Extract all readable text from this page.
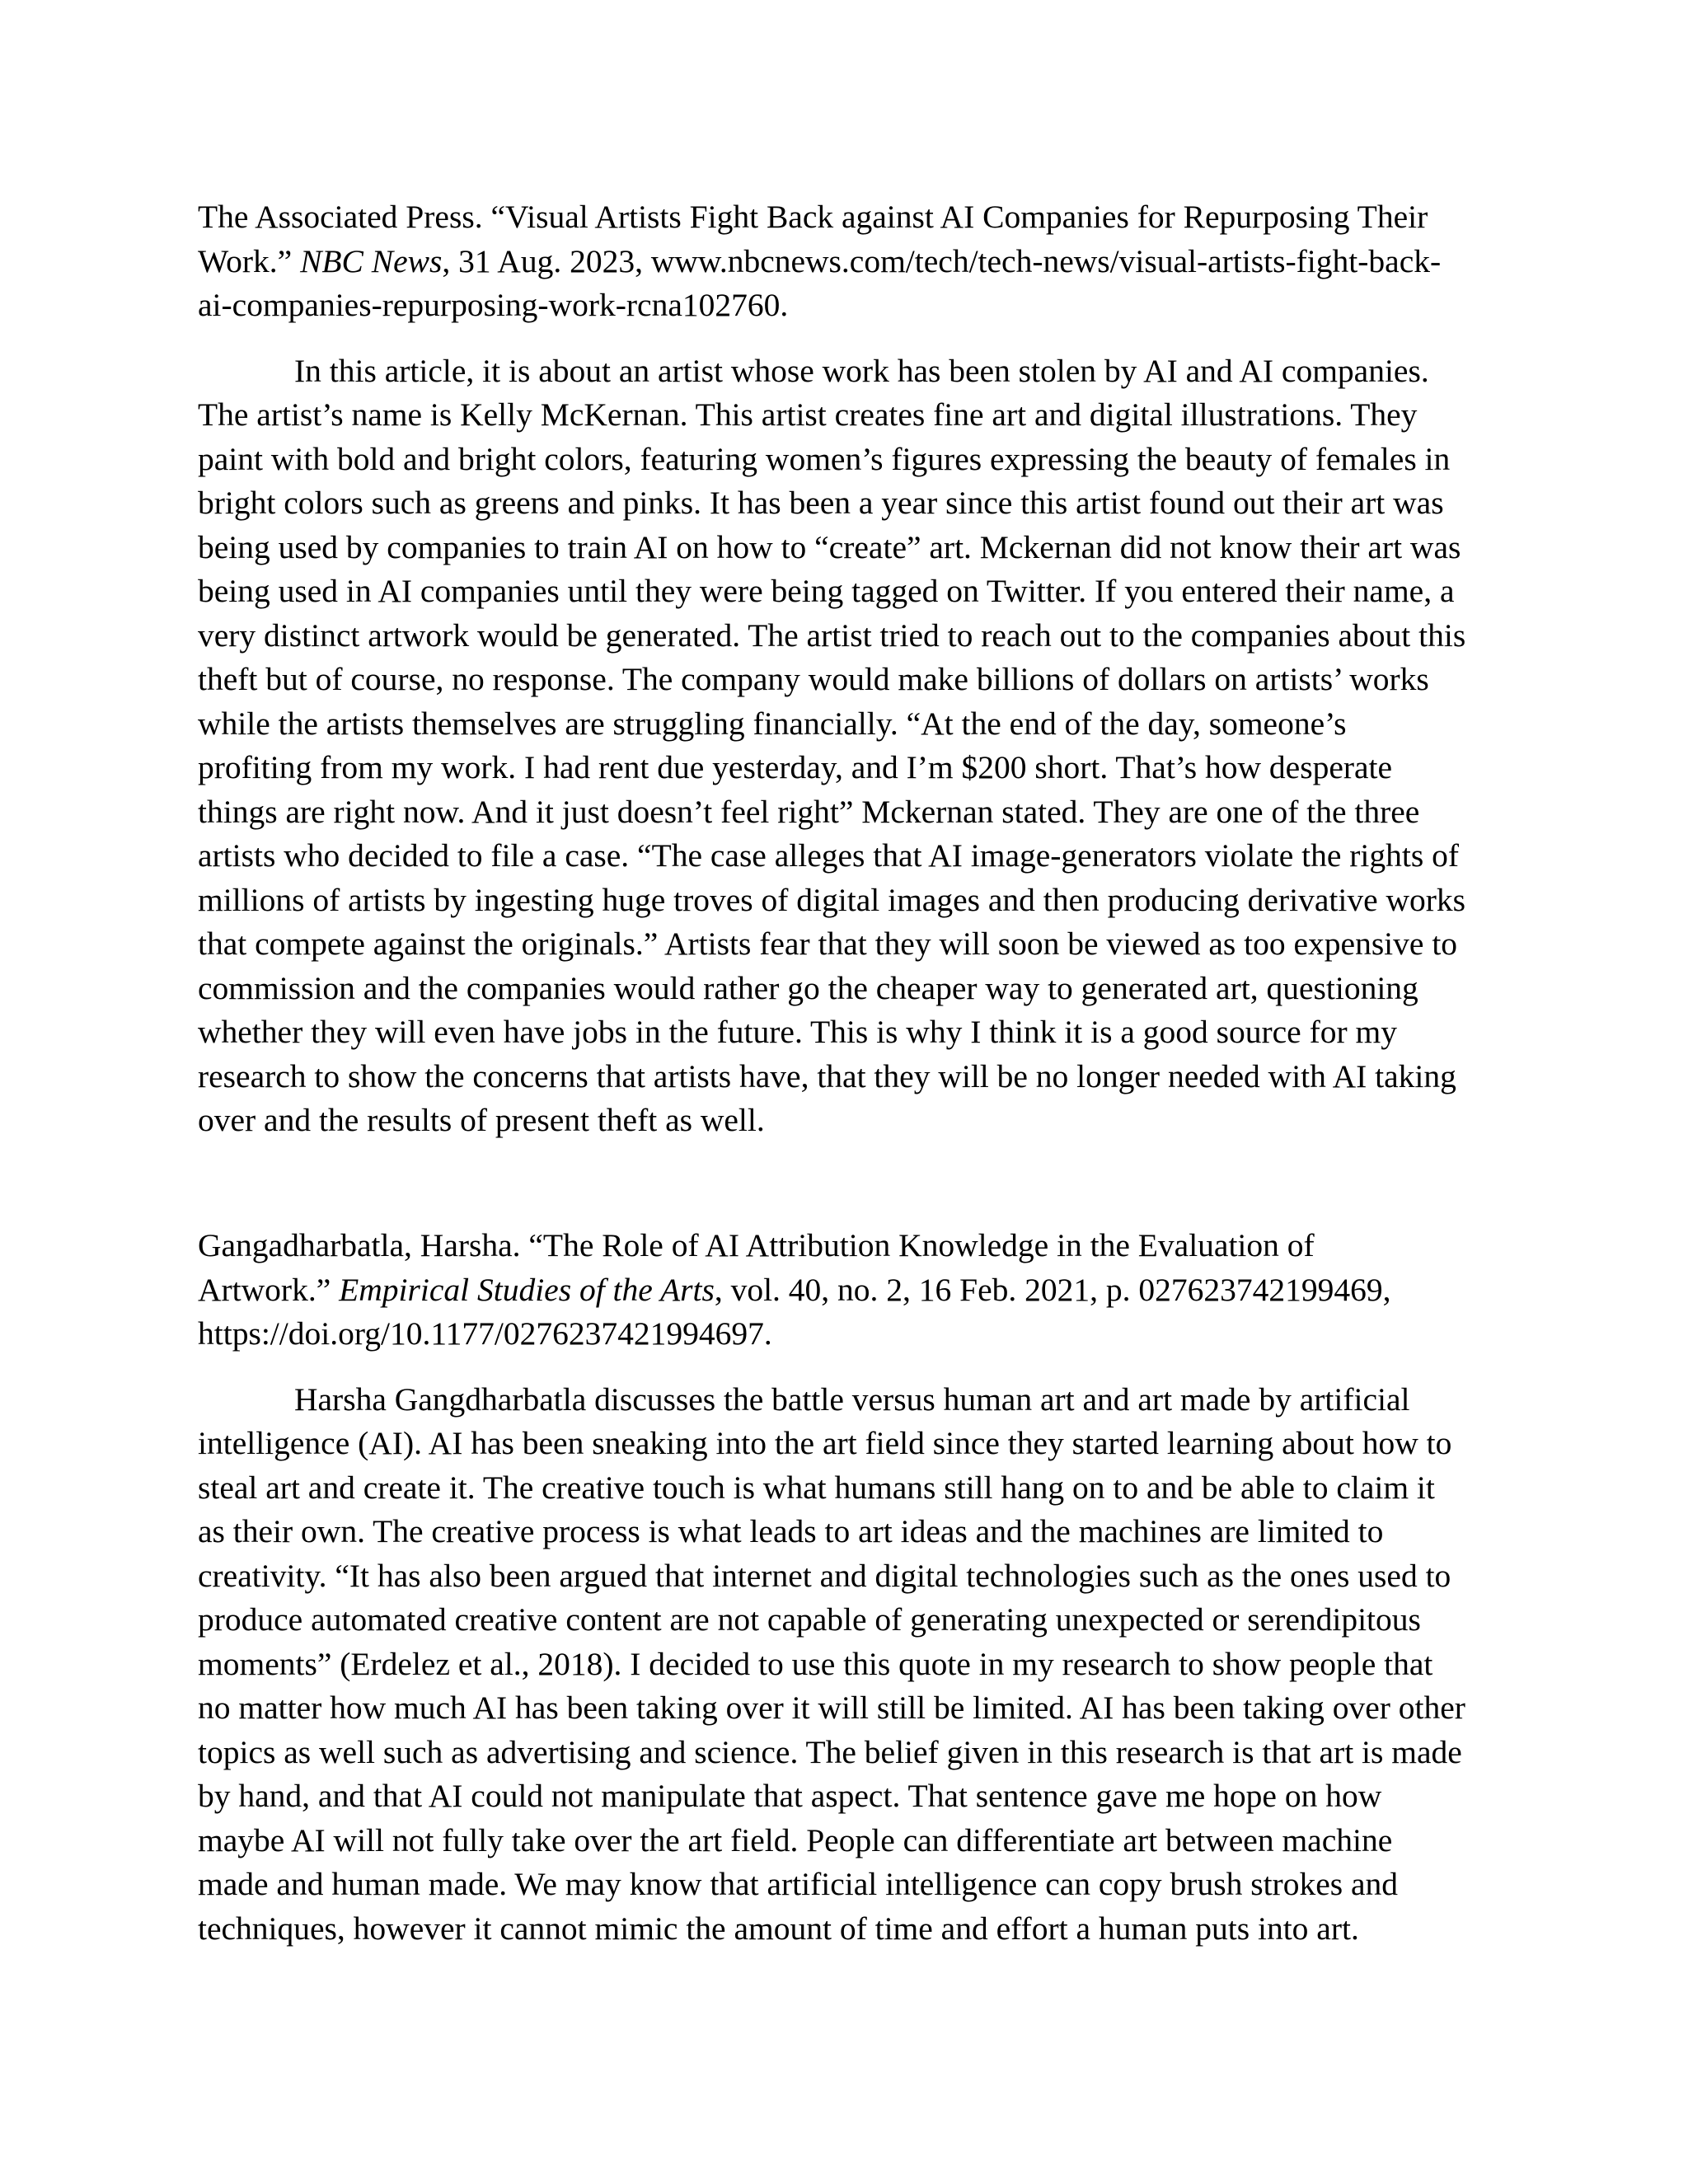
The Associated Press. “Visual Artists Fight Back against AI Companies for Repurposing Their
Work.” NBC News, 31 Aug. 2023, www.nbcnews.com/tech/tech-news/visual-artists-fight-back-
ai-companies-repurposing-work-rcna102760.

In this article, it is about an artist whose work has been stolen by AI and AI companies.
The artist’s name is Kelly McKernan. This artist creates fine art and digital illustrations. They
paint with bold and bright colors, featuring women’s figures expressing the beauty of females in
bright colors such as greens and pinks. It has been a year since this artist found out their art was
being used by companies to train AI on how to “create” art. Mckernan did not know their art was
being used in AI companies until they were being tagged on Twitter. If you entered their name, a
very distinct artwork would be generated. The artist tried to reach out to the companies about this
theft but of course, no response. The company would make billions of dollars on artists’ works
while the artists themselves are struggling financially. “At the end of the day, someone’s
profiting from my work. I had rent due yesterday, and I’m $200 short. That’s how desperate
things are right now. And it just doesn’t feel right” Mckernan stated. They are one of the three
artists who decided to file a case. “The case alleges that AI image-generators violate the rights of
millions of artists by ingesting huge troves of digital images and then producing derivative works
that compete against the originals.” Artists fear that they will soon be viewed as too expensive to
commission and the companies would rather go the cheaper way to generated art, questioning
whether they will even have jobs in the future. This is why I think it is a good source for my
research to show the concerns that artists have, that they will be no longer needed with AI taking
over and the results of present theft as well.

Gangadharbatla, Harsha. “The Role of AI Attribution Knowledge in the Evaluation of
Artwork.” Empirical Studies of the Arts, vol. 40, no. 2, 16 Feb. 2021, p. 027623742199469,
https://doi.org/10.1177/0276237421994697.

Harsha Gangdharbatla discusses the battle versus human art and art made by artificial
intelligence (AI). AI has been sneaking into the art field since they started learning about how to
steal art and create it. The creative touch is what humans still hang on to and be able to claim it
as their own. The creative process is what leads to art ideas and the machines are limited to
creativity. “It has also been argued that internet and digital technologies such as the ones used to
produce automated creative content are not capable of generating unexpected or serendipitous
moments” (Erdelez et al., 2018). I decided to use this quote in my research to show people that
no matter how much AI has been taking over it will still be limited. AI has been taking over other
topics as well such as advertising and science. The belief given in this research is that art is made
by hand, and that AI could not manipulate that aspect. That sentence gave me hope on how
maybe AI will not fully take over the art field. People can differentiate art between machine
made and human made. We may know that artificial intelligence can copy brush strokes and
techniques, however it cannot mimic the amount of time and effort a human puts into art.
